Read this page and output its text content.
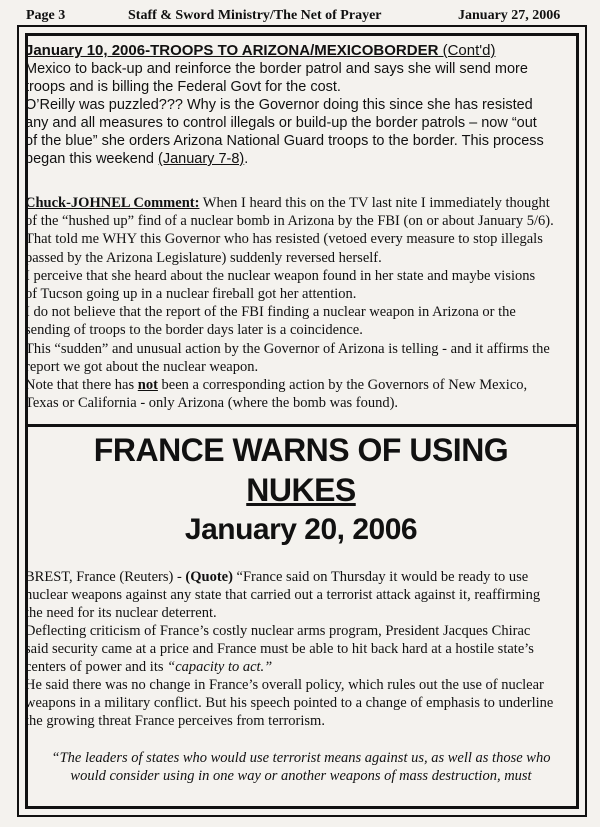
Page 3	Staff & Sword Ministry/The Net of Prayer	January 27, 2006

January 10, 2006-TROOPS TO ARIZONA/MEXICOBORDER (Cont'd)

Mexico to back-up and reinforce the border patrol and says she will send more

troops and is billing the Federal Govt for the cost.

O’Reilly was puzzled??? Why is the Governor doing this since she has resisted

any and all measures to control illegals or build-up the border patrols – now “out

of the blue” she orders Arizona National Guard troops to the border. This process

began this weekend (January 7-8).

Chuck-JOHNEL Comment: When I heard this on the TV last nite I immediately thought

of the “hushed up” find of a nuclear bomb in Arizona by the FBI (on or about January 5/6).

That told me WHY this Governor who has resisted (vetoed every measure to stop illegals

passed by the Arizona Legislature) suddenly reversed herself.

I perceive that she heard about the nuclear weapon found in her state and maybe visions

of Tucson going up in a nuclear fireball got her attention.

I do not believe that the report of the FBI finding a nuclear weapon in Arizona or the

sending of troops to the border days later is a coincidence.

This “sudden” and unusual action by the Governor of Arizona is telling - and it affirms the

report we got about the nuclear weapon.

Note that there has not been a corresponding action by the Governors of New Mexico,

Texas or California - only Arizona (where the bomb was found).

FRANCE WARNS OF USING
NUKES
January 20, 2006

BREST, France (Reuters) - (Quote) “France said on Thursday it would be ready to use

nuclear weapons against any state that carried out a terrorist attack against it, reaffirming

the need for its nuclear deterrent.

Deflecting criticism of France’s costly nuclear arms program, President Jacques Chirac

said security came at a price and France must be able to hit back hard at a hostile state’s

centers of power and its “capacity to act.”

He said there was no change in France’s overall policy, which rules out the use of nuclear

weapons in a military conflict. But his speech pointed to a change of emphasis to underline

the growing threat France perceives from terrorism.

“The leaders of states who would use terrorist means against us, as well as those who
would consider using in one way or another weapons of mass destruction, must
